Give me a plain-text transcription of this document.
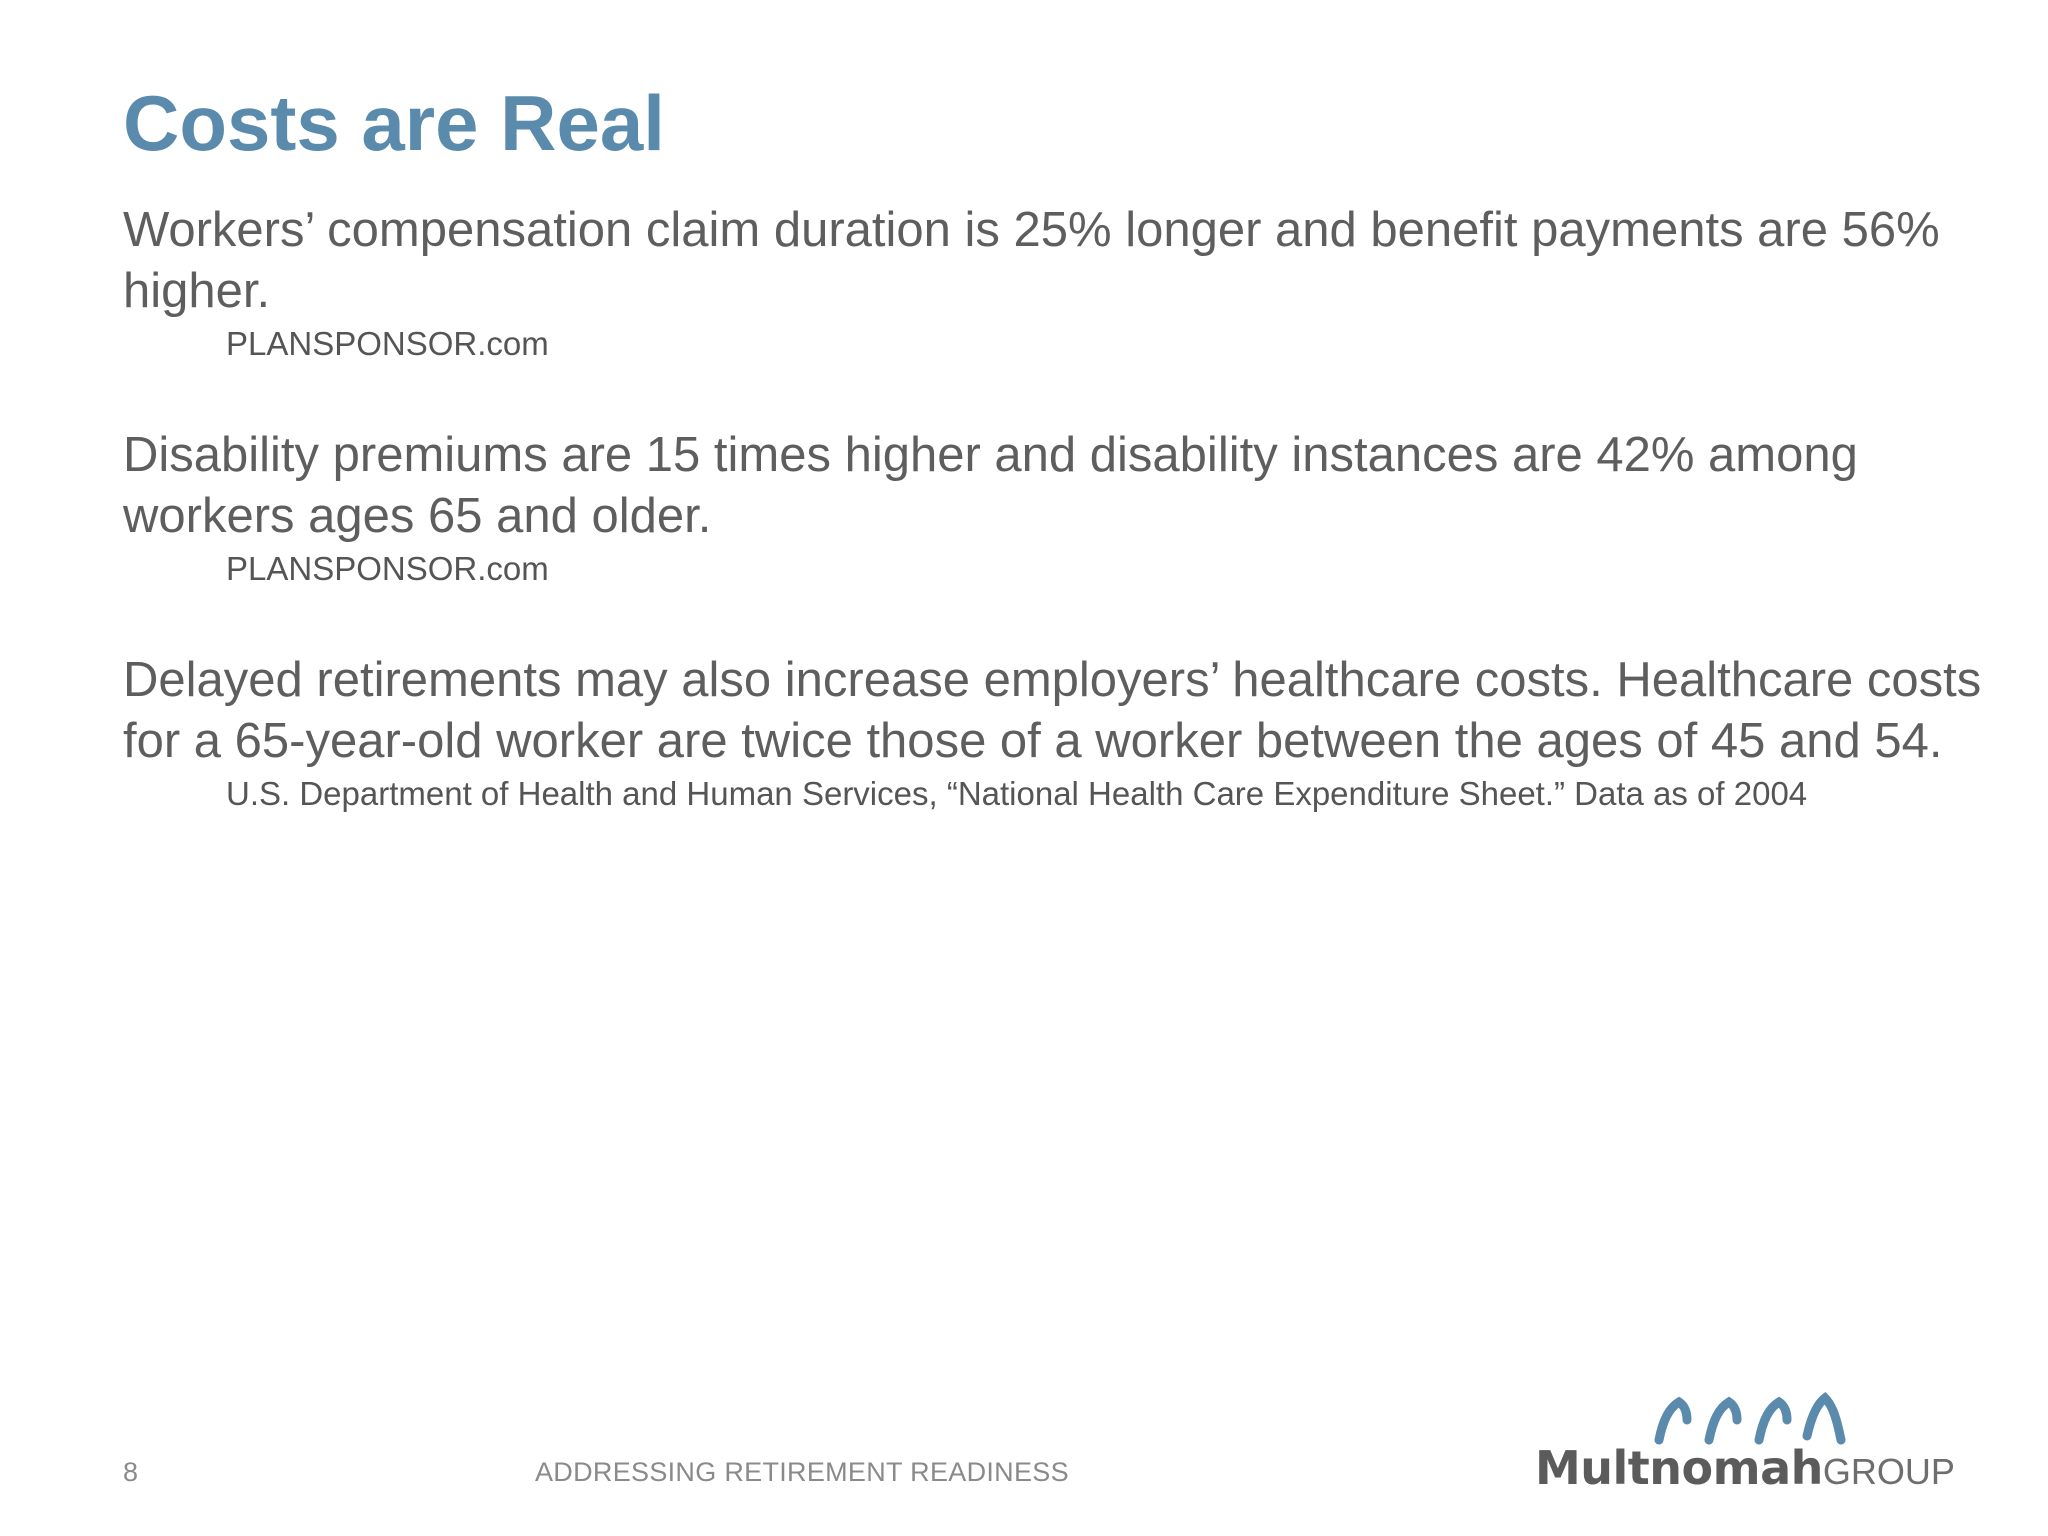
Costs are Real

Workers’ compensation claim duration is 25% longer and benefit payments are 56% higher.

PLANSPONSOR.com

Disability premiums are 15 times higher and disability instances are 42% among workers ages 65 and older.

PLANSPONSOR.com

Delayed retirements may also increase employers’ healthcare costs. Healthcare costs for a 65-year-old worker are twice those of a worker between the ages of 45 and 54.

U.S. Department of Health and Human Services, “National Health Care Expenditure Sheet.” Data as of 2004

8	ADDRESSING RETIREMENT READINESS	MultnomahGROUP
